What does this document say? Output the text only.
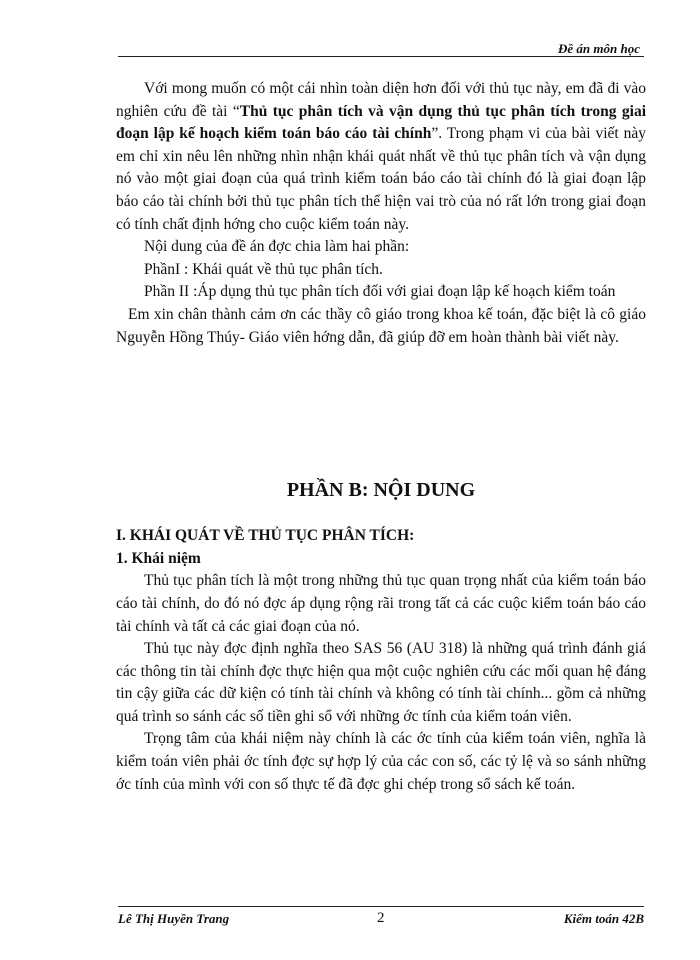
Đề án môn học

Với mong muốn có một cái nhìn toàn diện hơn đối với thủ tục này, em đã đi vào nghiên cứu đề tài “Thủ tục phân tích và vận dụng thủ tục phân tích trong giai đoạn lập kế hoạch kiểm toán báo cáo tài chính”. Trong phạm vi của bài viết này em chỉ xin nêu lên những nhìn nhận khái quát nhất về thủ tục phân tích và vận dụng nó vào một giai đoạn của quá trình kiểm toán báo cáo tài chính đó là giai đoạn lập báo cáo tài chính bởi thủ tục phân tích thể hiện vai trò của nó rất lớn trong giai đoạn có tính chất định hớng cho cuộc kiểm toán này.

Nội dung của đề án đợc chia làm hai phần:

PhầnI : Khái quát về thủ tục phân tích.

Phần II :Áp dụng thủ tục phân tích đối với giai đoạn lập kế hoạch kiểm toán

Em xin chân thành cảm ơn các thầy cô giáo trong khoa kế toán, đặc biệt là cô giáo Nguyễn Hồng Thúy- Giáo viên hớng dẫn, đã giúp đỡ em hoàn thành bài viết này.

PHẦN B: NỘI DUNG
I. KHÁI QUÁT VỀ THỦ TỤC PHÂN TÍCH:
1. Khái niệm

Thủ tục phân tích là một trong những thủ tục quan trọng nhất của kiểm toán báo cáo tài chính, do đó nó đợc áp dụng rộng rãi trong tất cả các cuộc kiểm toán báo cáo tài chính và tất cả các giai đoạn của nó.

Thủ tục này đợc định nghĩa theo SAS 56 (AU 318) là những quá trình đánh giá các thông tin tài chính đợc thực hiện qua một cuộc nghiên cứu các mối quan hệ đáng tin cậy giữa các dữ kiện có tính tài chính và không có tính tài chính... gồm cả những quá trình so sánh các số tiền ghi sổ với những ớc tính của kiểm toán viên.

Trọng tâm của khái niệm này chính là các ớc tính của kiểm toán viên, nghĩa là kiểm toán viên phải ớc tính đợc sự hợp lý của các con số, các tỷ lệ và so sánh những ớc tính của mình với con số thực tế đã đợc ghi chép trong sổ sách kế toán.

Lê Thị Huyền Trang	2	Kiểm toán 42B
